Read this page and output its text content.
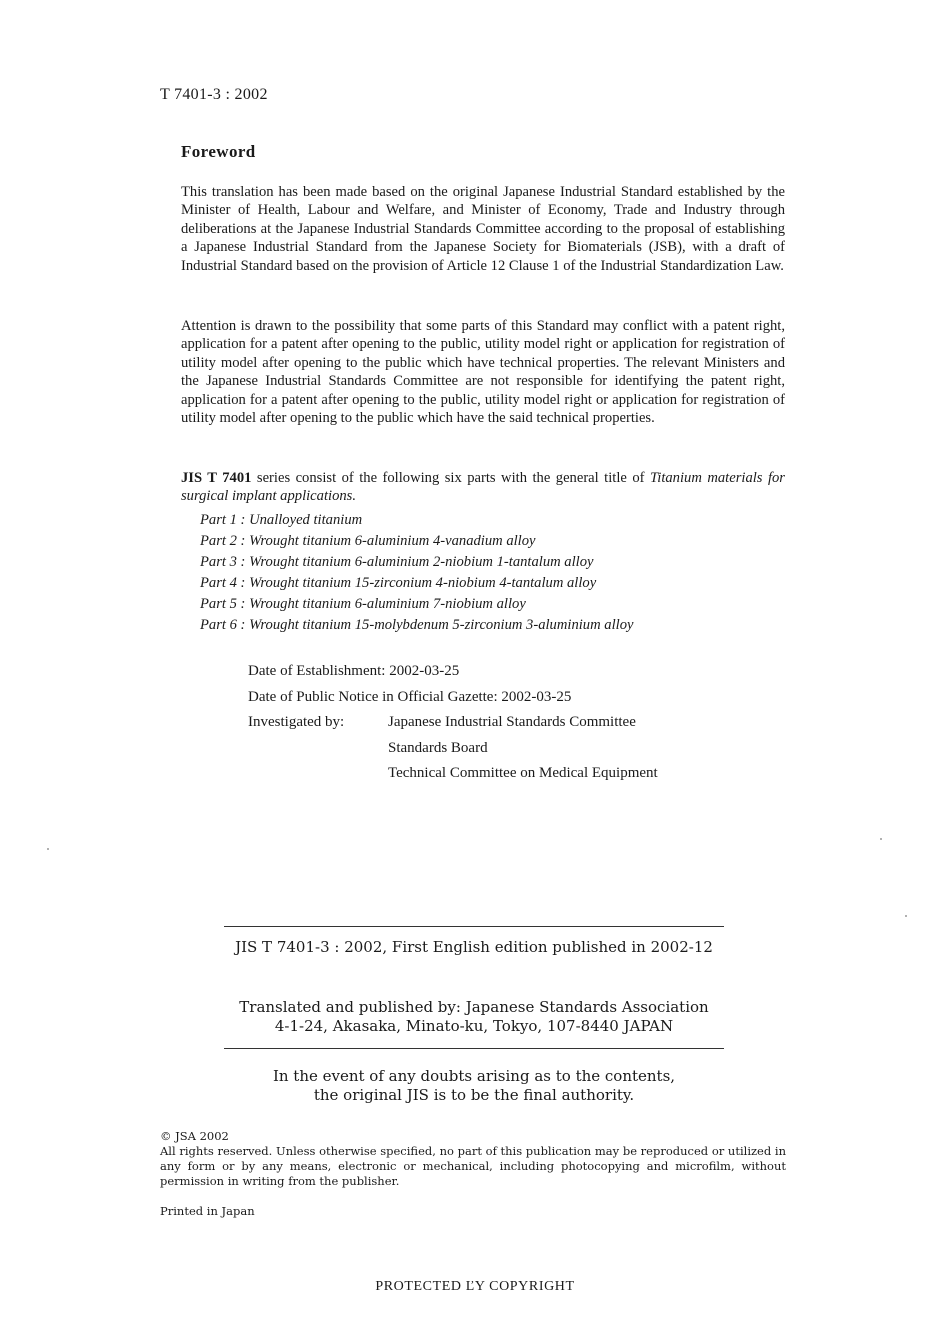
T 7401-3 : 2002
Foreword
This translation has been made based on the original Japanese Industrial Standard established by the Minister of Health, Labour and Welfare, and Minister of Economy, Trade and Industry through deliberations at the Japanese Industrial Standards Committee according to the proposal of establishing a Japanese Industrial Standard from the Japanese Society for Biomaterials (JSB), with a draft of Industrial Standard based on the provision of Article 12 Clause 1 of the Industrial Standardization Law.
Attention is drawn to the possibility that some parts of this Standard may conflict with a patent right, application for a patent after opening to the public, utility model right or application for registration of utility model after opening to the public which have technical properties. The relevant Ministers and the Japanese Industrial Standards Committee are not responsible for identifying the patent right, application for a patent after opening to the public, utility model right or application for registration of utility model after opening to the public which have the said technical properties.
JIS T 7401 series consist of the following six parts with the general title of Titanium materials for surgical implant applications.
Part 1 : Unalloyed titanium
Part 2 : Wrought titanium 6-aluminium 4-vanadium alloy
Part 3 : Wrought titanium 6-aluminium 2-niobium 1-tantalum alloy
Part 4 : Wrought titanium 15-zirconium 4-niobium 4-tantalum alloy
Part 5 : Wrought titanium 6-aluminium 7-niobium alloy
Part 6 : Wrought titanium 15-molybdenum 5-zirconium 3-aluminium alloy
Date of Establishment: 2002-03-25
Date of Public Notice in Official Gazette: 2002-03-25
Investigated by:	Japanese Industrial Standards Committee
Standards Board
Technical Committee on Medical Equipment
JIS T 7401-3 : 2002, First English edition published in 2002-12
Translated and published by: Japanese Standards Association
4-1-24, Akasaka, Minato-ku, Tokyo, 107-8440 JAPAN
In the event of any doubts arising as to the contents,
the original JIS is to be the final authority.
© JSA 2002
All rights reserved. Unless otherwise specified, no part of this publication may be reproduced or utilized in any form or by any means, electronic or mechanical, including photocopying and microfilm, without permission in writing from the publisher.
Printed in Japan
PROTECTED ĽY COPYRIGHT
